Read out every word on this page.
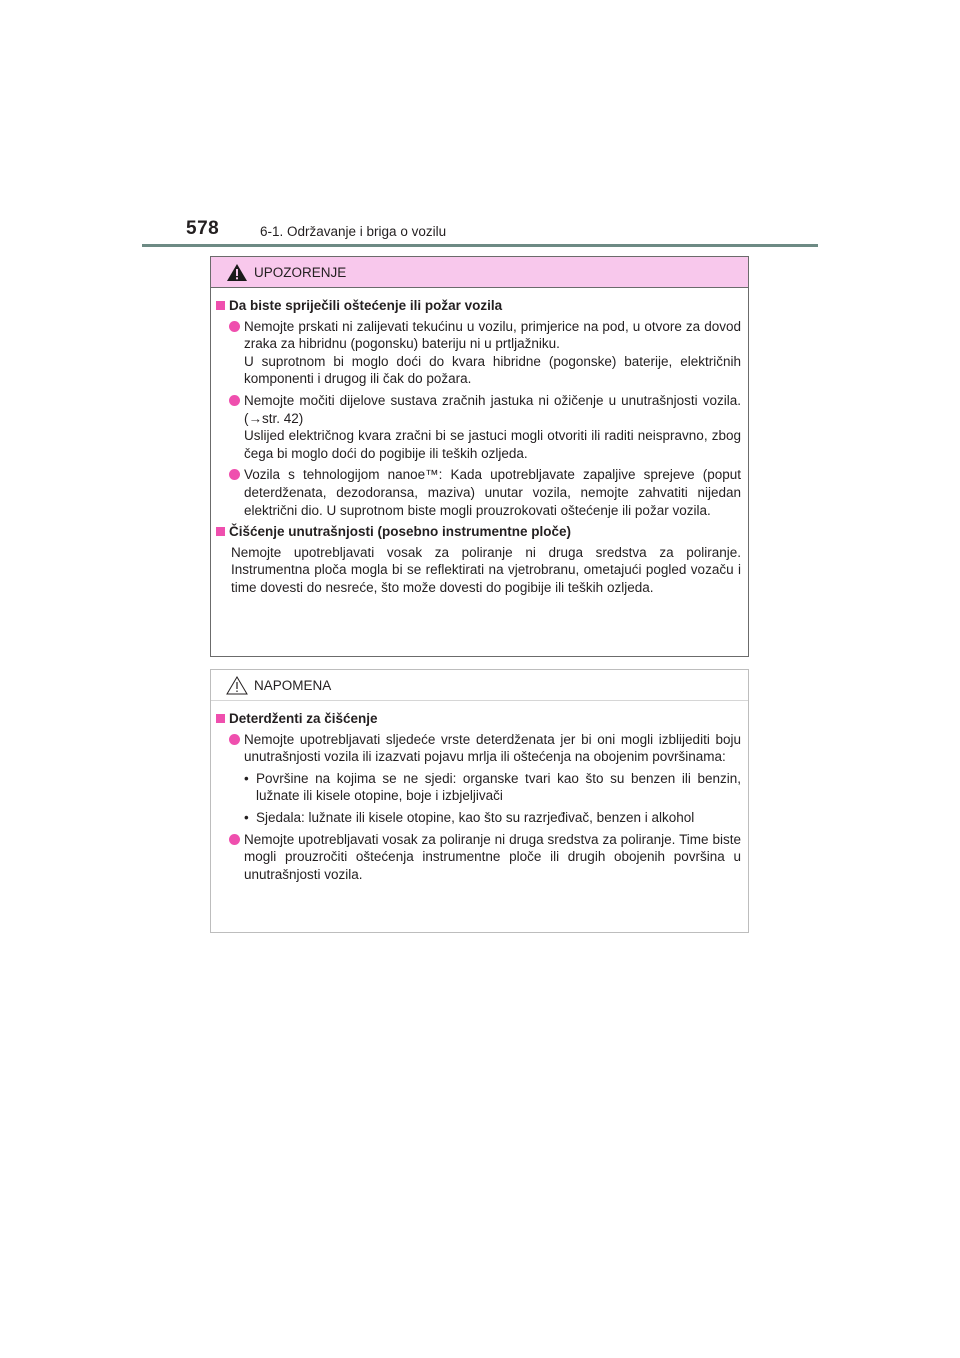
578	6-1. Održavanje i briga o vozilu
UPOZORENJE
Da biste spriječili oštećenje ili požar vozila

Nemojte prskati ni zalijevati tekućinu u vozilu, primjerice na pod, u otvore za dovod zraka za hibridnu (pogonsku) bateriju ni u prtljažniku.

U suprotnom bi moglo doći do kvara hibridne (pogonske) baterije, električnih komponenti i drugog ili čak do požara.

Nemojte močiti dijelove sustava zračnih jastuka ni ožičenje u unutrašnjosti vozila. (→str. 42)

Uslijed električnog kvara zračni bi se jastuci mogli otvoriti ili raditi neispravno, zbog čega bi moglo doći do pogibije ili teških ozljeda.

Vozila s tehnologijom nanoe™: Kada upotrebljavate zapaljive sprejeve (poput deterdženata, dezodoransa, maziva) unutar vozila, nemojte zahvatiti nijedan električni dio. U suprotnom biste mogli prouzrokovati oštećenje ili požar vozila.

Čišćenje unutrašnjosti (posebno instrumentne ploče)

Nemojte upotrebljavati vosak za poliranje ni druga sredstva za poliranje. Instrumentna ploča mogla bi se reflektirati na vjetrobranu, ometajući pogled vozaču i time dovesti do nesreće, što može dovesti do pogibije ili teških ozljeda.

NAPOMENA
Deterdženti za čišćenje

Nemojte upotrebljavati sljedeće vrste deterdženata jer bi oni mogli izblijediti boju unutrašnjosti vozila ili izazvati pojavu mrlja ili oštećenja na obojenim površinama:

• Površine na kojima se ne sjedi: organske tvari kao što su benzen ili benzin, lužnate ili kisele otopine, boje i izbjeljivači
• Sjedala: lužnate ili kisele otopine, kao što su razrjeđivač, benzen i alkohol

Nemojte upotrebljavati vosak za poliranje ni druga sredstva za poliranje. Time biste mogli prouzročiti oštećenja instrumentne ploče ili drugih obojenih površina u unutrašnjosti vozila.
